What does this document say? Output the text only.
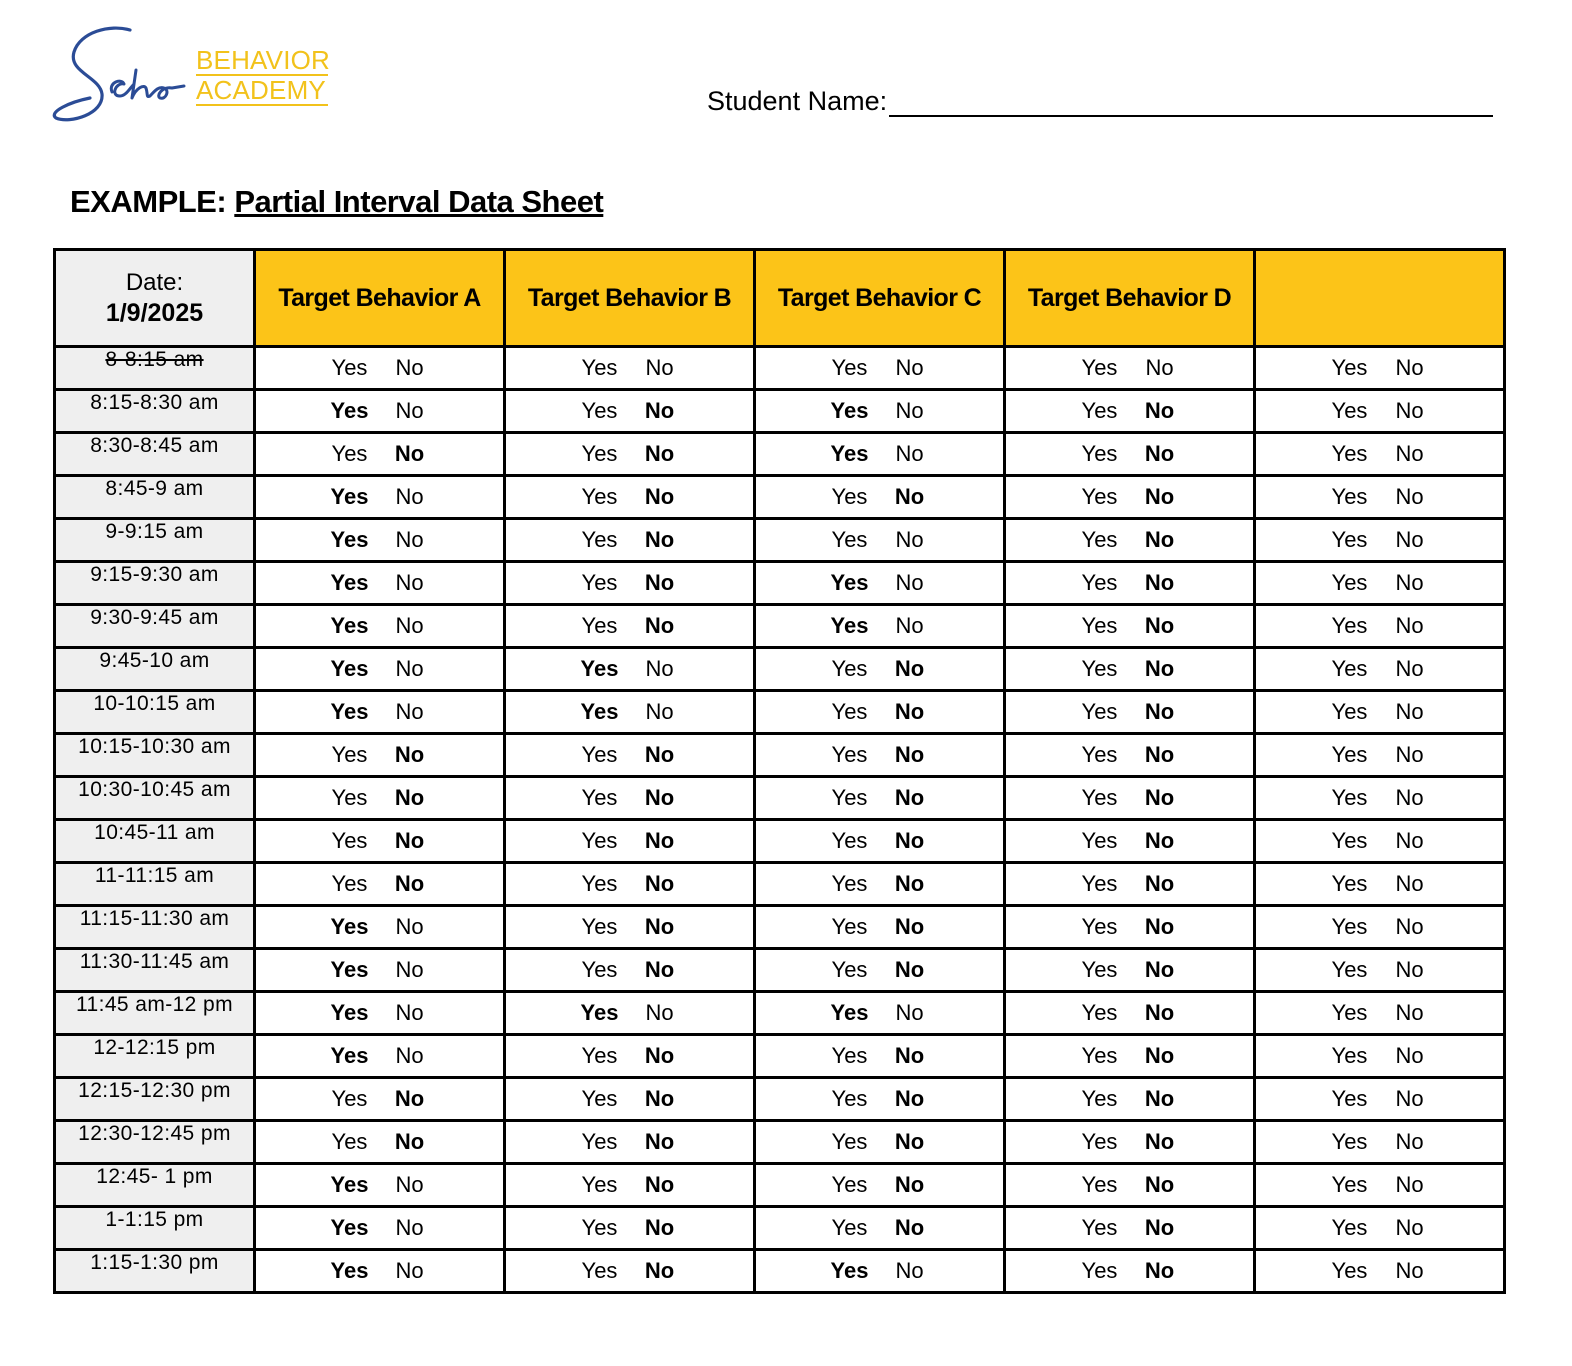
BEHAVIOR
ACADEMY	Student Name:
EXAMPLE: Partial Interval Data Sheet
Date:
1/9/2025	Target Behavior A	Target Behavior B	Target Behavior C	Target Behavior D	
8-8:15 am	Yes No	Yes No	Yes No	Yes No	Yes No
8:15-8:30 am	Yes No	Yes No	Yes No	Yes No	Yes No
8:30-8:45 am	Yes No	Yes No	Yes No	Yes No	Yes No
8:45-9 am	Yes No	Yes No	Yes No	Yes No	Yes No
9-9:15 am	Yes No	Yes No	Yes No	Yes No	Yes No
9:15-9:30 am	Yes No	Yes No	Yes No	Yes No	Yes No
9:30-9:45 am	Yes No	Yes No	Yes No	Yes No	Yes No
9:45-10 am	Yes No	Yes No	Yes No	Yes No	Yes No
10-10:15 am	Yes No	Yes No	Yes No	Yes No	Yes No
10:15-10:30 am	Yes No	Yes No	Yes No	Yes No	Yes No
10:30-10:45 am	Yes No	Yes No	Yes No	Yes No	Yes No
10:45-11 am	Yes No	Yes No	Yes No	Yes No	Yes No
11-11:15 am	Yes No	Yes No	Yes No	Yes No	Yes No
11:15-11:30 am	Yes No	Yes No	Yes No	Yes No	Yes No
11:30-11:45 am	Yes No	Yes No	Yes No	Yes No	Yes No
11:45 am-12 pm	Yes No	Yes No	Yes No	Yes No	Yes No
12-12:15 pm	Yes No	Yes No	Yes No	Yes No	Yes No
12:15-12:30 pm	Yes No	Yes No	Yes No	Yes No	Yes No
12:30-12:45 pm	Yes No	Yes No	Yes No	Yes No	Yes No
12:45- 1 pm	Yes No	Yes No	Yes No	Yes No	Yes No
1-1:15 pm	Yes No	Yes No	Yes No	Yes No	Yes No
1:15-1:30 pm	Yes No	Yes No	Yes No	Yes No	Yes No
